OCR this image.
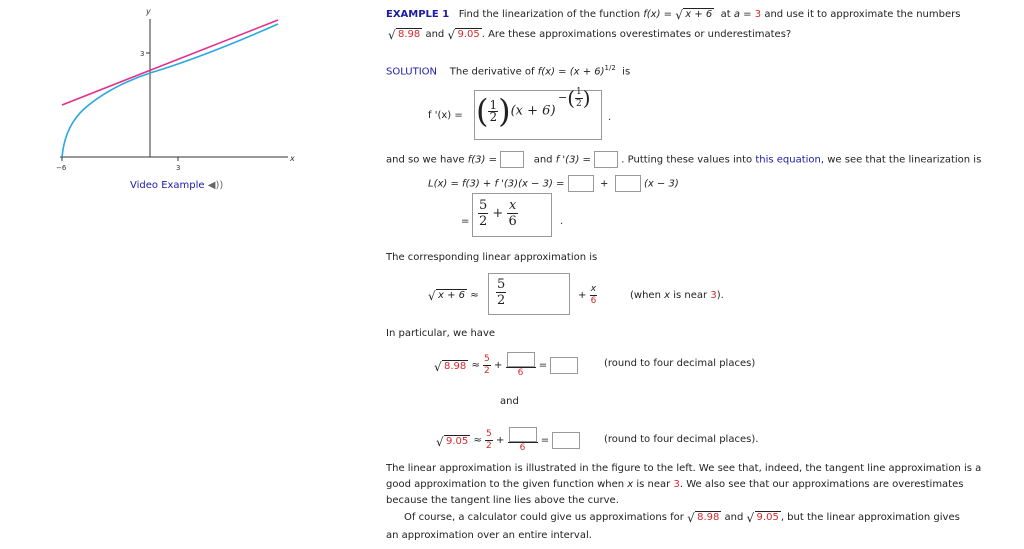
y
x
3
−6	3
Video Example ◀︎))
EXAMPLE 1 Find the linearization of the function f(x) = √ x + 6 at a = 3 and use it to approximate the numbers
√ 8.98 and √ 9.05 . Are these approximations overestimates or underestimates?
SOLUTION The derivative of $f(x) = (x + 6)^{1/2}$ is
f '(x) = ( $\frac{1}{2} )(x + 6)$
−( $\frac{1}{2}$ )
.
and so we have f(3) =	and f '(3) =	. Putting these values into this equation, we see that the linearization is
L(x) = f(3) + f '(3)(x − 3) =	+	(x − 3)
= $\frac{5}{2} + \frac{x}{6}$	.
The corresponding linear approximation is
√ $x + 6 \approx \frac{5}{2}$	+ $\frac{x}{6}$	(when x is near 3).
In particular, we have
√ $8.98 \approx \frac{5}{2}$ +
6
=	(round to four decimal places)
and
√ $9.05 \approx \frac{5}{2}$ +
6
=	(round to four decimal places).
The linear approximation is illustrated in the figure to the left. We see that, indeed, the tangent line approximation is a
good approximation to the given function when x is near 3. We also see that our approximations are overestimates
because the tangent line lies above the curve.
Of course, a calculator could give us approximations for √ 8.98 and √ 9.05 , but the linear approximation gives
an approximation over an entire interval.
